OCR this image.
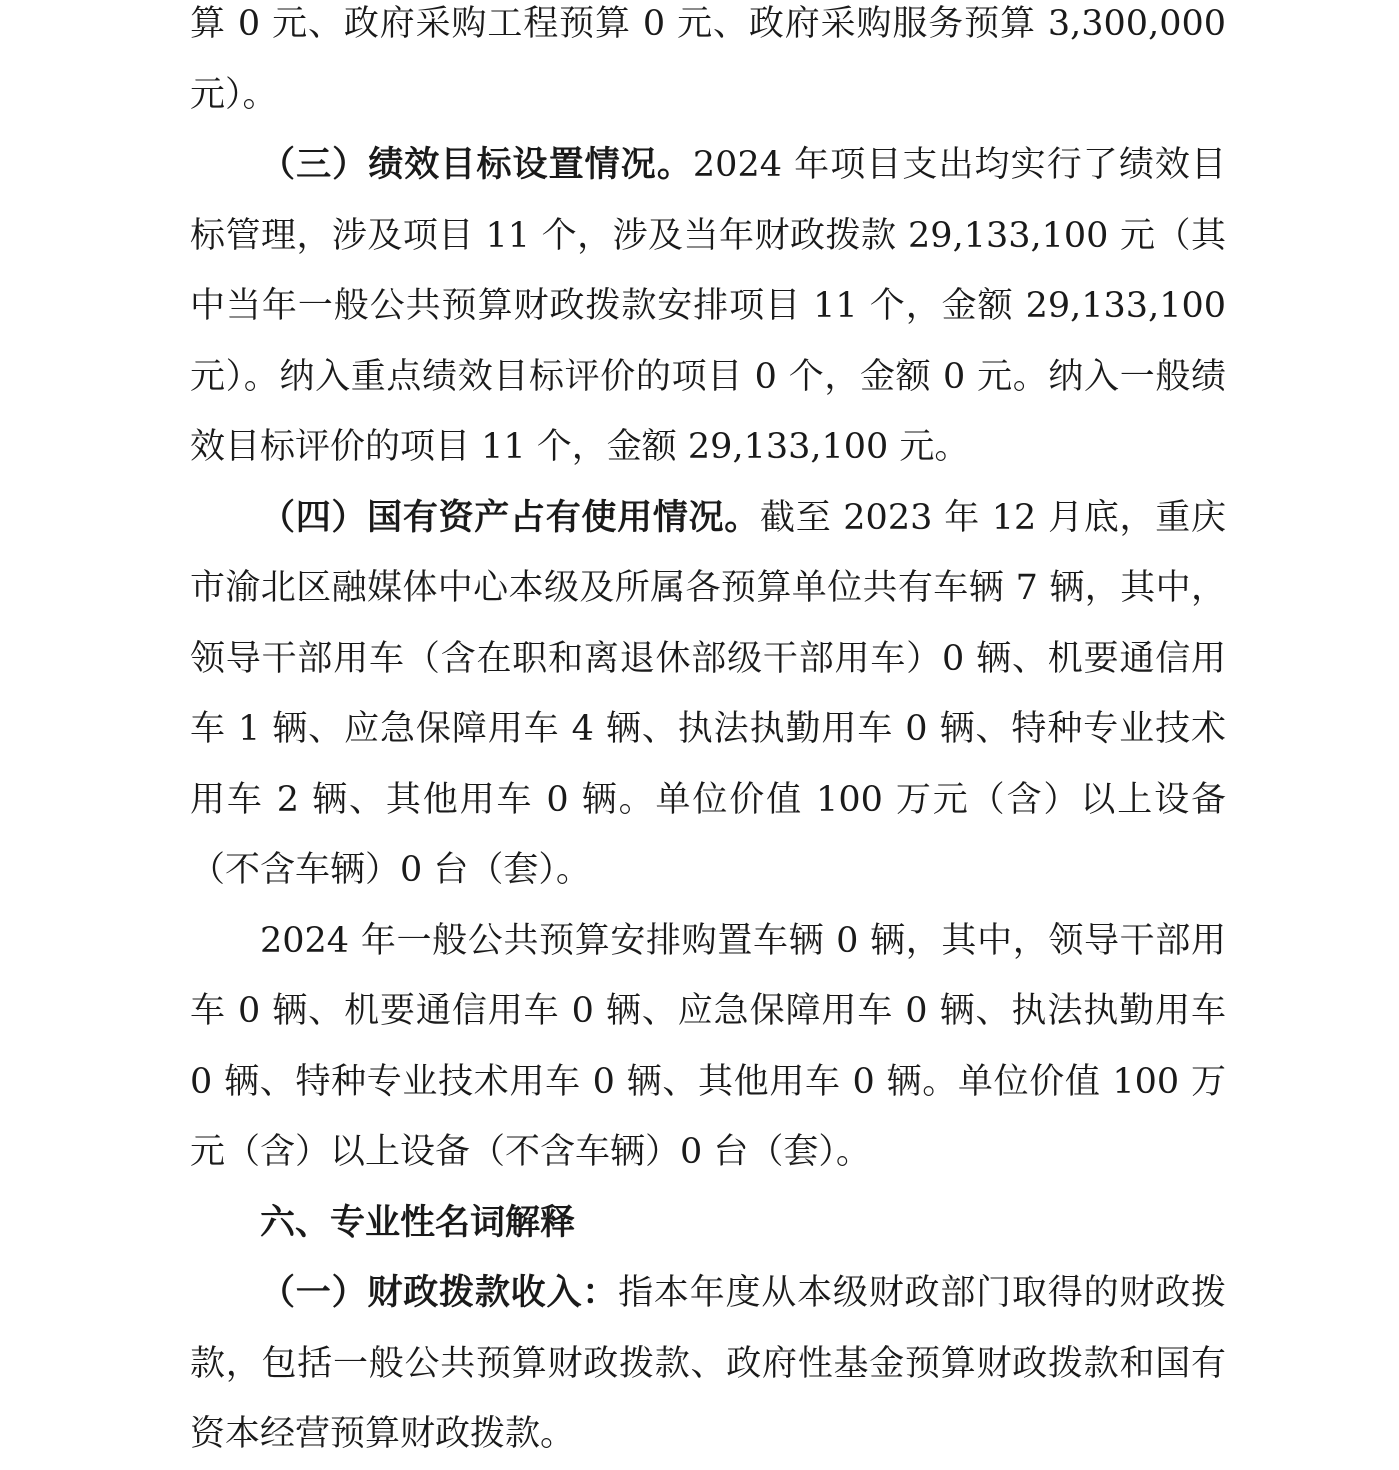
算 0 元、政府采购工程预算 0 元、政府采购服务预算 3,300,000元）。

（三）绩效目标设置情况。2024 年项目支出均实行了绩效目标管理，涉及项目 11 个，涉及当年财政拨款 29,133,100 元（其中当年一般公共预算财政拨款安排项目 11 个，金额 29,133,100 元）。纳入重点绩效目标评价的项目 0 个，金额 0 元。纳入一般绩效目标评价的项目 11 个，金额 29,133,100 元。

（四）国有资产占有使用情况。截至 2023 年 12 月底，重庆市渝北区融媒体中心本级及所属各预算单位共有车辆 7 辆，其中，领导干部用车（含在职和离退休部级干部用车）0 辆、机要通信用车 1 辆、应急保障用车 4 辆、执法执勤用车 0 辆、特种专业技术用车 2 辆、其他用车 0 辆。单位价值 100 万元（含）以上设备（不含车辆）0 台（套）。

2024 年一般公共预算安排购置车辆 0 辆，其中，领导干部用车 0 辆、机要通信用车 0 辆、应急保障用车 0 辆、执法执勤用车 0 辆、特种专业技术用车 0 辆、其他用车 0 辆。单位价值 100 万元（含）以上设备（不含车辆）0 台（套）。

六、专业性名词解释

（一）财政拨款收入：指本年度从本级财政部门取得的财政拨款，包括一般公共预算财政拨款、政府性基金预算财政拨款和国有资本经营预算财政拨款。
